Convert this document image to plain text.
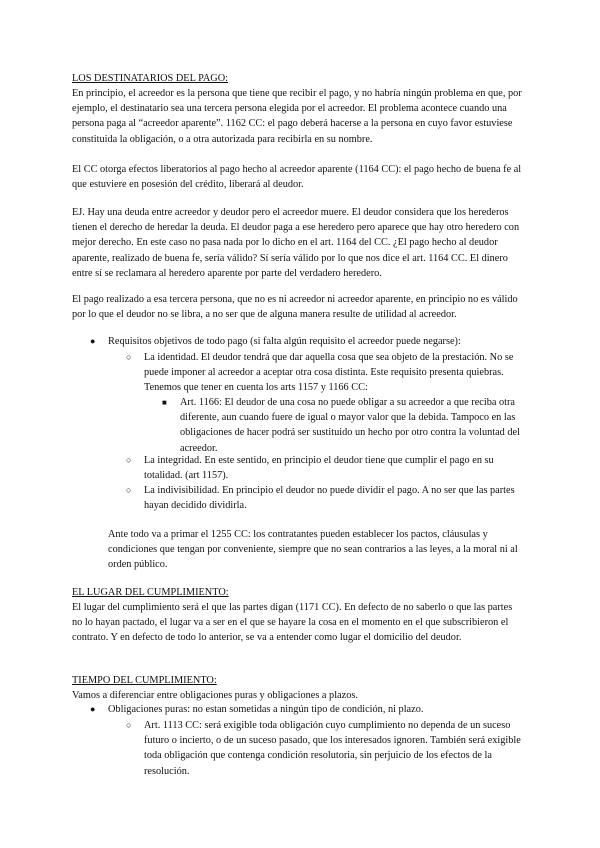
LOS DESTINATARIOS DEL PAGO:

En principio, el acreedor es la persona que tiene que recibir el pago, y no habría ningún problema en que, por ejemplo, el destinatario sea una tercera persona elegida por el acreedor. El problema acontece cuando una persona paga al “acreedor aparente”. 1162 CC: el pago deberá hacerse a la persona en cuyo favor estuviese constituida la obligación, o a otra autorizada para recibirla en su nombre.

El CC otorga efectos liberatorios al pago hecho al acreedor aparente (1164 CC): el pago hecho de buena fe al que estuviere en posesión del crédito, liberará al deudor.

EJ. Hay una deuda entre acreedor y deudor pero el acreedor muere. El deudor considera que los herederos tienen el derecho de heredar la deuda. El deudor paga a ese heredero pero aparece que hay otro heredero con mejor derecho. En este caso no pasa nada por lo dicho en el art. 1164 del CC. ¿El pago hecho al deudor aparente, realizado de buena fe, sería válido? Sí sería válido por lo que nos dice el art. 1164 CC. El dinero entre sí se reclamara al heredero aparente por parte del verdadero heredero.

El pago realizado a esa tercera persona, que no es ni acreedor ni acreedor aparente, en principio no es válido por lo que el deudor no se libra, a no ser que de alguna manera resulte de utilidad al acreedor.

● Requisitos objetivos de todo pago (si falta algún requisito el acreedor puede negarse):

○ La identidad. El deudor tendrá que dar aquella cosa que sea objeto de la prestación. No se puede imponer al acreedor a aceptar otra cosa distinta. Este requisito presenta quiebras. Tenemos que tener en cuenta los arts 1157 y 1166 CC:

■ Art. 1166: El deudor de una cosa no puede obligar a su acreedor a que reciba otra diferente, aun cuando fuere de igual o mayor valor que la debida. Tampoco en las obligaciones de hacer podrá ser sustituido un hecho por otro contra la voluntad del acreedor.

○ La integridad. En este sentido, en principio el deudor tiene que cumplir el pago en su totalidad. (art 1157).

○ La indivisibilidad. En principio el deudor no puede dividir el pago. A no ser que las partes hayan decidido dividirla.

Ante todo va a primar el 1255 CC: los contratantes pueden establecer los pactos, cláusulas y condiciones que tengan por conveniente, siempre que no sean contrarios a las leyes, a la moral ni al orden público.

EL LUGAR DEL CUMPLIMIENTO:

El lugar del cumplimiento será el que las partes digan (1171 CC). En defecto de no saberlo o que las partes no lo hayan pactado, el lugar va a ser en el que se hayare la cosa en el momento en el que subscribieron el contrato. Y en defecto de todo lo anterior, se va a entender como lugar el domicilio del deudor.

TIEMPO DEL CUMPLIMIENTO:

Vamos a diferenciar entre obligaciones puras y obligaciones a plazos.

● Obligaciones puras: no estan sometidas a ningún tipo de condición, ni plazo.

○ Art. 1113 CC: será exigible toda obligación cuyo cumplimiento no dependa de un suceso futuro o incierto, o de un suceso pasado, que los interesados ignoren. También será exigible toda obligación que contenga condición resolutoria, sin perjuicio de los efectos de la resolución.
